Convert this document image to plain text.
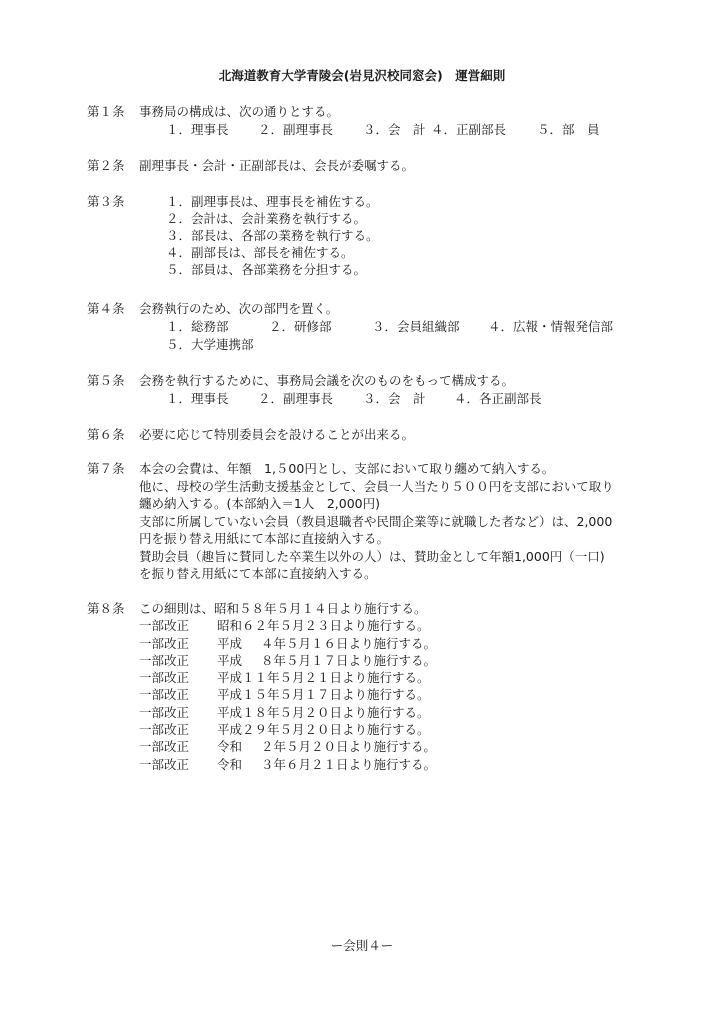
北海道教育大学青陵会(岩見沢校同窓会)　運営細則
第１条	事務局の構成は、次の通りとする。
１．理事長	２．副理事長	３．会　計 ４．正副部長	５．部　員
第２条	副理事長・会計・正副部長は、会長が委嘱する。
第３条	１．副理事長は、理事長を補佐する。
２．会計は、会計業務を執行する。
３．部長は、各部の業務を執行する。
４．副部長は、部長を補佐する。
５．部員は、各部業務を分担する。
第４条	会務執行のため、次の部門を置く。
１．総務部	２．研修部	３．会員組織部	４．広報・情報発信部
５．大学連携部
第５条	会務を執行するために、事務局会議を次のものをもって構成する。
１．理事長	２．副理事長	３．会　計	４．各正副部長
第６条	必要に応じて特別委員会を設けることが出来る。
第７条	本会の会費は、年額　1,５00円とし、支部において取り纏めて納入する。
他に、母校の学生活動支援基金として、会員一人当たり５００円を支部において取り
纏め納入する。(本部納入＝1人　2,000円)
支部に所属していない会員（教員退職者や民間企業等に就職した者など）は、2,000
円を振り替え用紙にて本部に直接納入する。
賛助会員（趣旨に賛同した卒業生以外の人）は、賛助金として年額1,000円（一口)
を振り替え用紙にて本部に直接納入する。
第８条	この細則は、昭和５８年５月１４日より施行する。
一部改正	昭和６２年５月２３日より施行する。
一部改正	平成	４年５月１６日より施行する。
一部改正	平成	８年５月１７日より施行する。
一部改正	平成１１年５月２１日より施行する。
一部改正	平成１５年５月１７日より施行する。
一部改正	平成１８年５月２０日より施行する。
一部改正	平成２９年５月２０日より施行する。
一部改正	令和	２年５月２０日より施行する。
一部改正	令和	３年６月２１日より施行する。
ー会則４ー
